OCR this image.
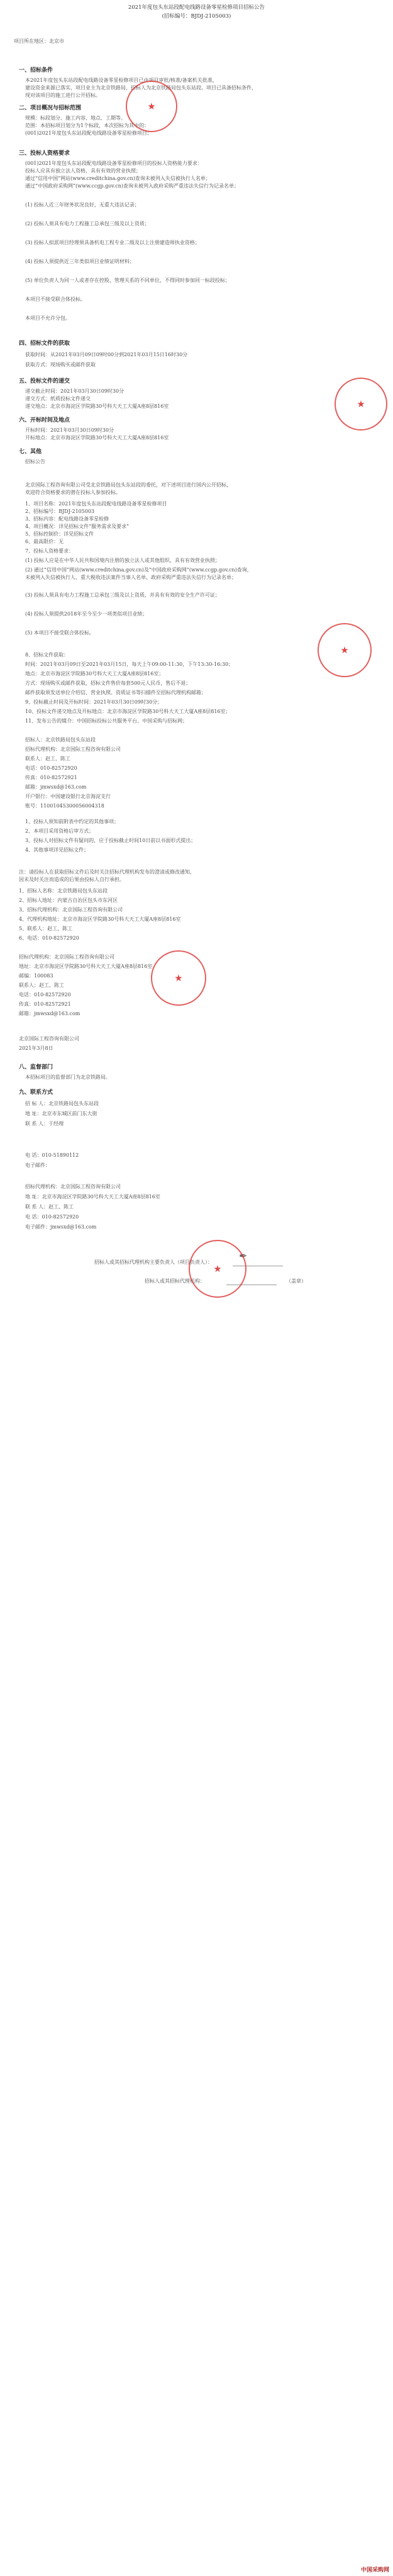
2021年度包头东站段配电线路设备零星检修项目招标公告
(招标编号：BJDJ-2105003)
项目所在地区：北京市
一、招标条件
本2021年度包头东站段配电线路设备零星检修项目已由项目审批/核准/备案机关批准，
建设资金来源已落实，项目业主为北京铁路局，招标人为北京铁路局包头东站段。项目已具备招标条件，
现对该项目的施工进行公开招标。
二、项目概况与招标范围
规模：标段划分、施工内容、地点、工期等。
范围：本招标项目划分为1个标段，本次招标为其中的：
(001)2021年度包头东站段配电线路设备零星检修项目；
★
三、投标人资格要求
(001)2021年度包头东站段配电线路设备零星检修项目的投标人资格能力要求：
投标人应具有独立法人资格，具有有效的营业执照；
通过“信用中国”网站(www.creditchina.gov.cn)查询未被列入失信被执行人名单；
通过“中国政府采购网”(www.ccgp.gov.cn)查询未被列入政府采购严重违法失信行为记录名单；
(1) 投标人近三年财务状况良好，无重大违法记录；
(2) 投标人须具有电力工程施工总承包三级及以上资质；
(3) 投标人拟派项目经理须具备机电工程专业二级及以上注册建造师执业资格；
(4) 投标人须提供近三年类似项目业绩证明材料；
(5) 单位负责人为同一人或者存在控股、管理关系的不同单位，不得同时参加同一标段投标；
本项目不接受联合体投标。
本项目不允许分包。
四、招标文件的获取
获取时间：从2021年03月09日09时00分到2021年03月15日16时30分
获取方式：现场购买或邮件获取
五、投标文件的递交
递交截止时间：2021年03月30日09时30分
递交方式：纸质投标文件递交
递交地点：北京市海淀区学院路30号科大天工大厦A座8层816室
六、开标时间及地点
开标时间：2021年03月30日09时30分
开标地点：北京市海淀区学院路30号科大天工大厦A座8层816室
★
七、其他
招标公告
北京国际工程咨询有限公司受北京铁路局包头东站段的委托，对下述项目进行国内公开招标，
欢迎符合资格要求的潜在投标人参加投标。
1、项目名称：2021年度包头东站段配电线路设备零星检修项目
2、招标编号：BJDJ-2105003
3、招标内容：配电线路设备零星检修
4、项目概况：详见招标文件“服务需求及要求”
5、招标控制价：详见招标文件
6、最高限价：无
7、投标人资格要求：
(1) 投标人应是在中华人民共和国境内注册的独立法人或其他组织，具有有效营业执照；
(2) 通过“信用中国”网站(www.creditchina.gov.cn)及“中国政府采购网”(www.ccgp.gov.cn)查询，
未被列入失信被执行人、重大税收违法案件当事人名单、政府采购严重违法失信行为记录名单；
(3) 投标人须具有电力工程施工总承包三级及以上资质，并具有有效的安全生产许可证；
(4) 投标人须提供2018年至今至少一项类似项目业绩；
(5) 本项目不接受联合体投标。
★
8、招标文件获取：
时间：2021年03月09日至2021年03月15日，每天上午09:00-11:30，下午13:30-16:30；
地点：北京市海淀区学院路30号科大天工大厦A座8层816室；
方式：现场购买或邮件获取，招标文件售价每套500元人民币，售后不退；
邮件获取须发送单位介绍信、营业执照、资质证书等扫描件至招标代理机构邮箱；
9、投标截止时间及开标时间：2021年03月30日09时30分；
10、投标文件递交地点及开标地点：北京市海淀区学院路30号科大天工大厦A座8层816室；
11、发布公告的媒介：中国招标投标公共服务平台、中国采购与招标网；
招标人：北京铁路局包头东站段
招标代理机构：北京国际工程咨询有限公司
联系人：赵工、陈工
电话：010-82572920
传真：010-82572921
邮箱：jmwsxd@163.com
开户银行：中国建设银行北京海淀支行
账号：11001045300056004318
1、投标人须知前附表中约定的其他事项；
2、本项目采用资格后审方式；
3、投标人对招标文件有疑问的，应于投标截止时间10日前以书面形式提出；
4、其他事项详见招标文件；
注：请投标人在获取招标文件后及时关注招标代理机构发布的澄清或修改通知，
因未及时关注而造成的后果由投标人自行承担。
1、招标人名称：北京铁路局包头东站段
2、招标人地址：内蒙古自治区包头市东河区
3、招标代理机构：北京国际工程咨询有限公司
4、代理机构地址：北京市海淀区学院路30号科大天工大厦A座8层816室
5、联系人：赵工、陈工
6、电话：010-82572920
招标代理机构：北京国际工程咨询有限公司
地址：北京市海淀区学院路30号科大天工大厦A座8层816室
邮编：100083
联系人：赵工、陈工
电话：010-82572920
传真：010-82572921
邮箱：jmwsxd@163.com
★
北京国际工程咨询有限公司
2021年3月8日
八、监督部门
本招标项目的监督部门为北京铁路局。
九、联系方式
招 标 人：北京铁路局包头东站段
地 址：北京市东城区前门东大街
联 系 人：于经理
电 话：010-51890112
电子邮件：
招标代理机构：北京国际工程咨询有限公司
地 址：北京市海淀区学院路30号科大天工大厦A座8层816室
联 系 人：赵工、陈工
电 话：010-82572920
电子邮件：jmwsxd@163.com
招标人或其招标代理机构主要负责人（项目负责人）：
✒
招标人或其招标代理机构：	（盖章）
★
中国采购网
